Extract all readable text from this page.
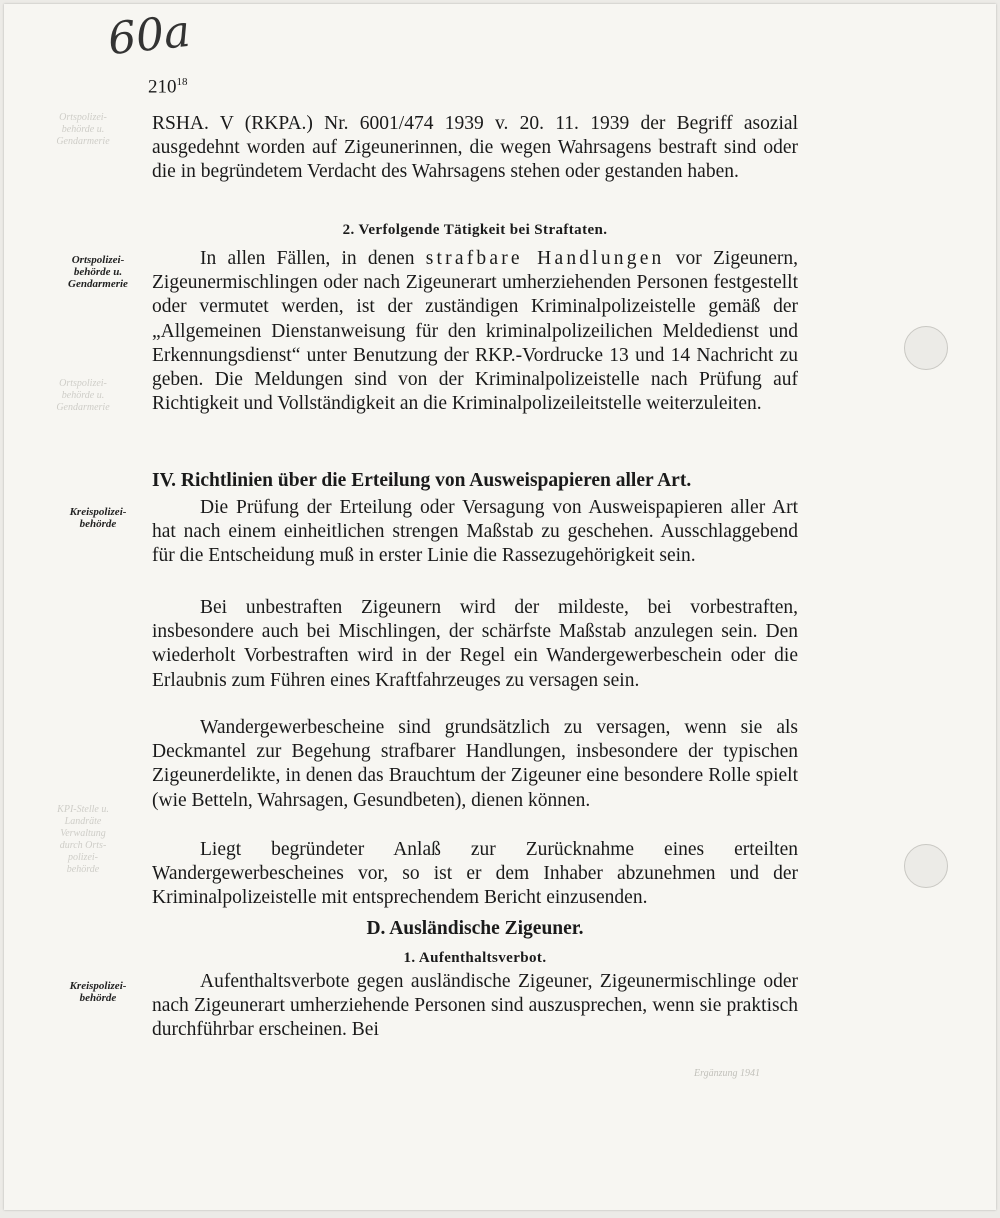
Ortspolizei-
behörde u.
Gendarmerie
Ortspolizei-
behörde u.
Gendarmerie
KPI-Stelle u.
Landräte
Verwaltung
durch Orts-
polizei-
behörde
Ergänzung 1941
60a
$210^{18}$

RSHA. V (RKPA.) Nr. 6001/474 1939 v. 20. 11. 1939 der Begriff asozial ausgedehnt worden auf Zigeunerinnen, die wegen Wahrsagens bestraft sind oder die in begründetem Verdacht des Wahrsagens stehen oder gestanden haben.

2. Verfolgende Tätigkeit bei Straftaten.

Ortspolizei-
behörde u.
Gendarmerie

In allen Fällen, in denen strafbare Handlungen vor Zigeunern, Zigeunermischlingen oder nach Zigeunerart umherziehenden Personen festgestellt oder vermutet werden, ist der zuständigen Kriminalpolizeistelle gemäß der „Allgemeinen Dienstanweisung für den kriminalpolizeilichen Meldedienst und Erkennungsdienst“ unter Benutzung der RKP.-Vordrucke 13 und 14 Nachricht zu geben. Die Meldungen sind von der Kriminalpolizeistelle nach Prüfung auf Richtigkeit und Vollständigkeit an die Kriminalpolizeileitstelle weiterzuleiten.

IV. Richtlinien über die Erteilung von Ausweispapieren aller Art.

Kreispolizei-
behörde

Die Prüfung der Erteilung oder Versagung von Ausweispapieren aller Art hat nach einem einheitlichen strengen Maßstab zu geschehen. Ausschlaggebend für die Entscheidung muß in erster Linie die Rassezugehörigkeit sein.

Bei unbestraften Zigeunern wird der mildeste, bei vorbestraften, insbesondere auch bei Mischlingen, der schärfste Maßstab anzulegen sein. Den wiederholt Vorbestraften wird in der Regel ein Wandergewerbeschein oder die Erlaubnis zum Führen eines Kraftfahrzeuges zu versagen sein.

Wandergewerbescheine sind grundsätzlich zu versagen, wenn sie als Deckmantel zur Begehung strafbarer Handlungen, insbesondere der typischen Zigeunerdelikte, in denen das Brauchtum der Zigeuner eine besondere Rolle spielt (wie Betteln, Wahrsagen, Gesundbeten), dienen können.

Liegt begründeter Anlaß zur Zurücknahme eines erteilten Wandergewerbescheines vor, so ist er dem Inhaber abzunehmen und der Kriminalpolizeistelle mit entsprechendem Bericht einzusenden.

D. Ausländische Zigeuner.

1. Aufenthaltsverbot.

Kreispolizei-
behörde

Aufenthaltsverbote gegen ausländische Zigeuner, Zigeunermischlinge oder nach Zigeunerart umherziehende Personen sind auszusprechen, wenn sie praktisch durchführbar erscheinen. Bei
